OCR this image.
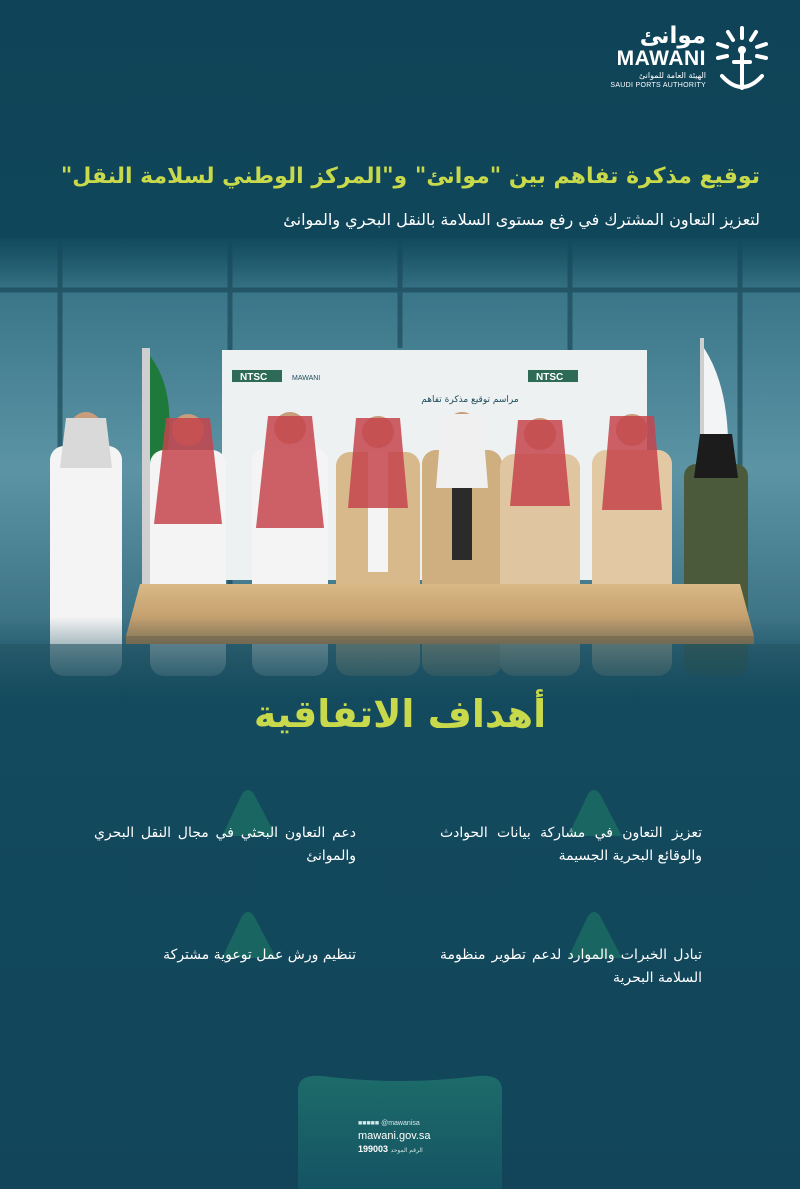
موانئ
MAWANI
الهيئة العامة للموانئ
SAUDI PORTS AUTHORITY
توقيع مذكرة تفاهم بين "موانئ" و"المركز الوطني لسلامة النقل"
لتعزيز التعاون المشترك في رفع مستوى السلامة بالنقل البحري والموانئ
أهداف الاتفاقية
تعزيز التعاون في مشاركة بيانات الحوادث والوقائع البحرية الجسيمة
دعم التعاون البحثي في مجال النقل البحري والموانئ
تبادل الخبرات والموارد لدعم تطوير منظومة السلامة البحرية
تنظيم ورش عمل توعوية مشتركة
■■■■■ @mawanisa
mawani.gov.sa
199003 الرقم الموحد
